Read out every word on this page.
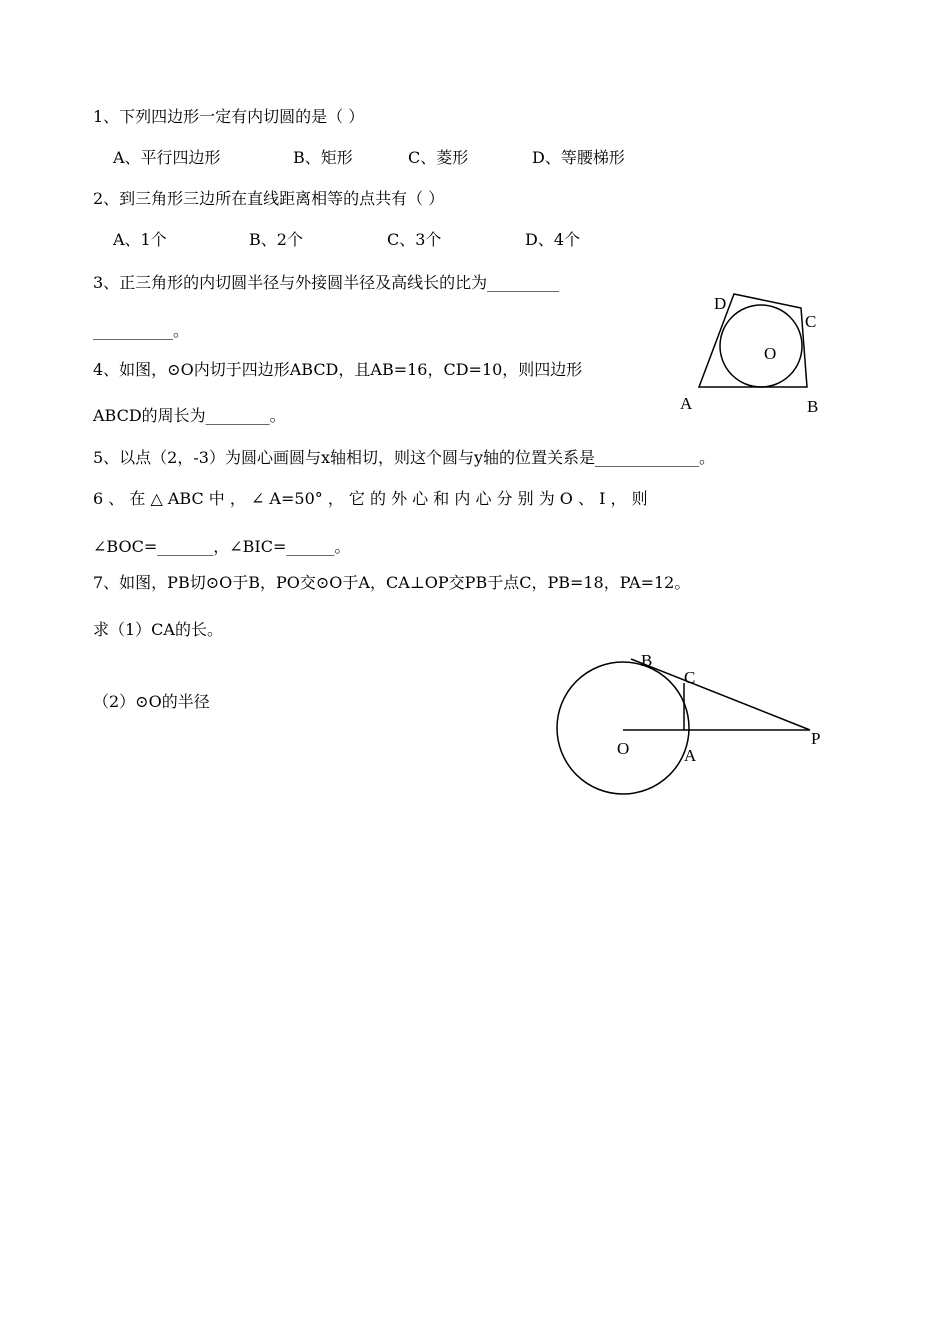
1、下列四边形一定有内切圆的是（ ）
A、平行四边形	B、矩形	C、菱形	D、等腰梯形
2、到三角形三边所在直线距离相等的点共有（ ）
A、1个	B、2个	C、3个	D、4个
3、正三角形的内切圆半径与外接圆半径及高线长的比为_________
__________。
4、如图，⊙O内切于四边形ABCD，且AB=16，CD=10，则四边形
ABCD的周长为________。
D
C
O
A	B
5、以点（2，-3）为圆心画圆与x轴相切，则这个圆与y轴的位置关系是_____________。
6 、 在 △ ABC 中 ， ∠ A=50° ， 它 的 外 心 和 内 心 分 别 为 O 、 I ， 则
∠BOC=_______，∠BIC=______。
7、如图，PB切⊙O于B，PO交⊙O于A，CA⊥OP交PB于点C，PB=18，PA=12。
求（1）CA的长。
（2）⊙O的半径
B
C
O	A
P
